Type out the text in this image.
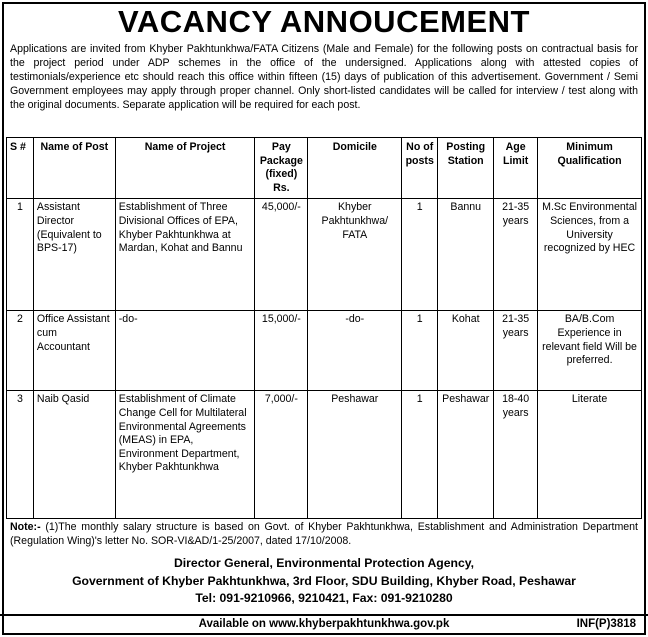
VACANCY ANNOUCEMENT

Applications are invited from Khyber Pakhtunkhwa/FATA Citizens (Male and Female) for the following posts on contractual basis for the project period under ADP schemes in the office of the undersigned. Applications along with attested copies of testimonials/experience etc should reach this office within fifteen (15) days of publication of this advertisement. Government / Semi Government employees may apply through proper channel. Only short-listed candidates will be called for interview / test along with the original documents. Separate application will be required for each post.

S #	Name of Post	Name of Project	Pay Package (fixed) Rs.	Domicile	No of posts	Posting Station	Age Limit	Minimum Qualification
1	Assistant Director (Equivalent to BPS-17)	Establishment of Three Divisional Offices of EPA, Khyber Pakhtunkhwa at Mardan, Kohat and Bannu	45,000/-	Khyber Pakhtunkhwa/ FATA	1	Bannu	21-35 years	M.Sc Environmental Sciences, from a University recognized by HEC
2	Office Assistant cum Accountant	-do-	15,000/-	-do-	1	Kohat	21-35 years	BA/B.Com Experience in relevant field Will be preferred.
3	Naib Qasid	Establishment of Climate Change Cell for Multilateral Environmental Agreements (MEAS) in EPA, Environment Department, Khyber Pakhtunkhwa	7,000/-	Peshawar	1	Peshawar	18-40 years	Literate

Note:- (1)The monthly salary structure is based on Govt. of Khyber Pakhtunkhwa, Establishment and Administration Department (Regulation Wing)'s letter No. SOR-VI&AD/1-25/2007, dated 17/10/2008.

Director General, Environmental Protection Agency,
Government of Khyber Pakhtunkhwa, 3rd Floor, SDU Building, Khyber Road, Peshawar
Tel: 091-9210966, 9210421, Fax: 091-9210280
Available on www.khyberpakhtunkhwa.gov.pk	INF(P)3818
